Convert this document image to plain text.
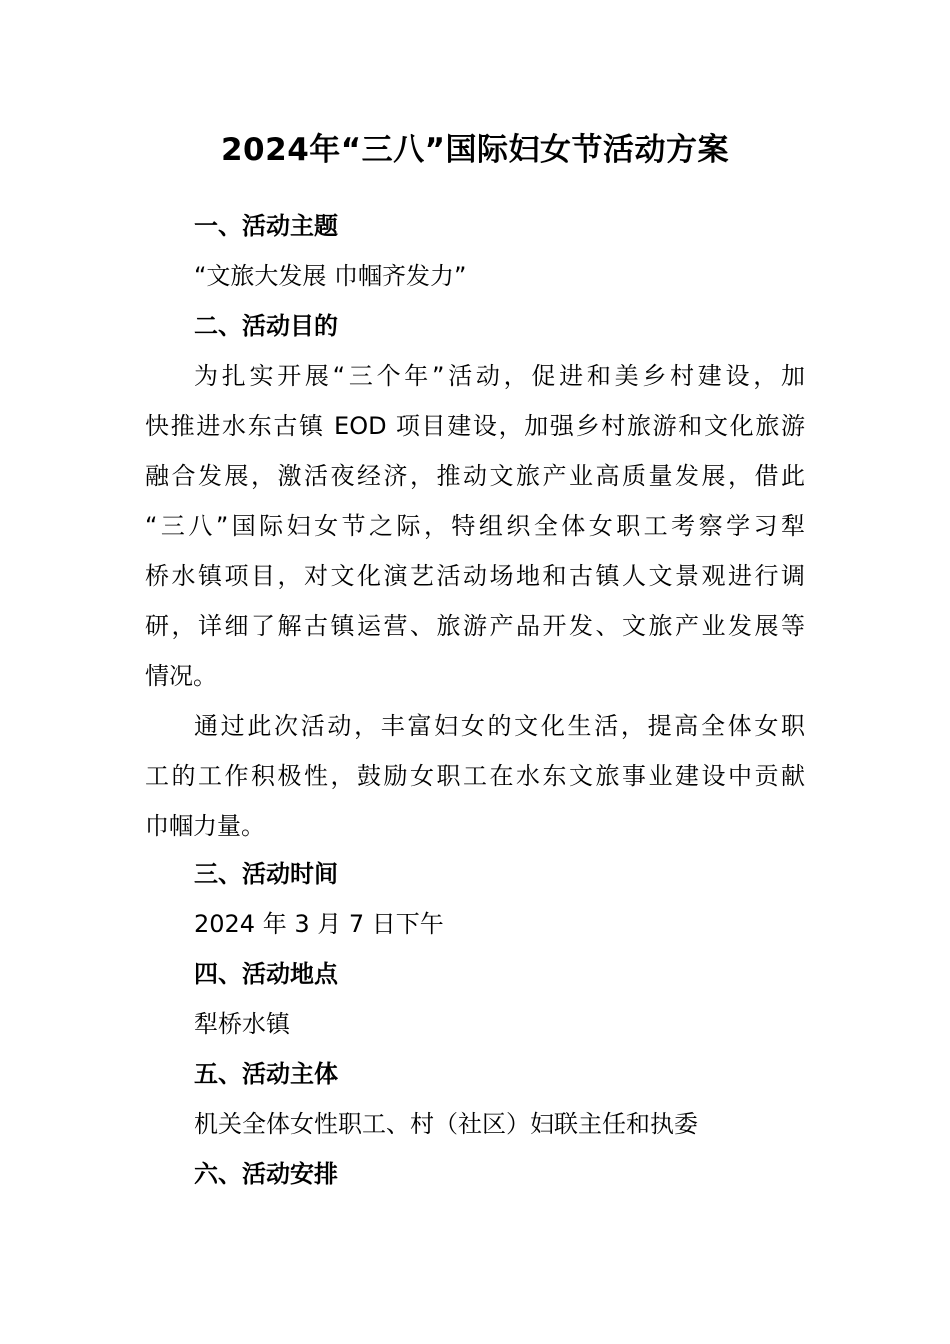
2024年“三八”国际妇女节活动方案
一、活动主题
“文旅大发展 巾帼齐发力”
二、活动目的
为扎实开展“三个年”活动，促进和美乡村建设，加
快推进水东古镇 EOD 项目建设，加强乡村旅游和文化旅游
融合发展，激活夜经济，推动文旅产业高质量发展，借此
“三八”国际妇女节之际，特组织全体女职工考察学习犁
桥水镇项目，对文化演艺活动场地和古镇人文景观进行调
研，详细了解古镇运营、旅游产品开发、文旅产业发展等
情况。
通过此次活动，丰富妇女的文化生活，提高全体女职
工的工作积极性，鼓励女职工在水东文旅事业建设中贡献
巾帼力量。
三、活动时间
2024 年 3 月 7 日下午
四、活动地点
犁桥水镇
五、活动主体
机关全体女性职工、村（社区）妇联主任和执委
六、活动安排
